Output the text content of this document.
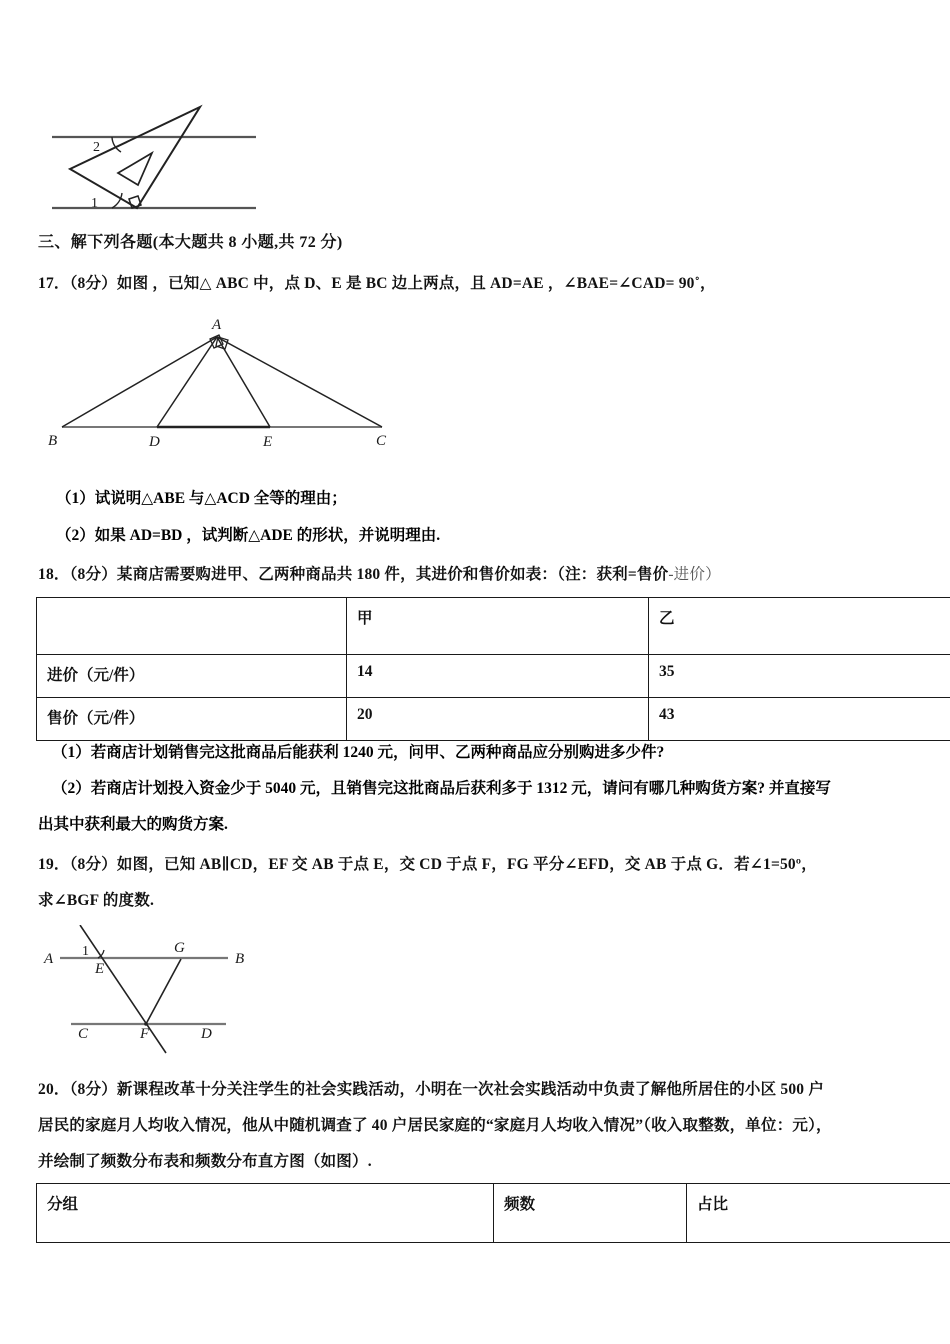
2
1
三、解下列各题(本大题共 8 小题,共 72 分)
17．（8分）如图 ，已知△ ABC 中，点 D、E 是 BC 边上两点，且 AD=AE ，∠BAE=∠CAD= 90˚，
A
B	D	E	C
（1）试说明△ABE 与△ACD 全等的理由；
（2）如果 AD=BD ，试判断△ADE 的形状，并说明理由.
18．（8分）某商店需要购进甲、乙两种商品共 180 件，其进价和售价如表：（注：获利=售价-进价）
	甲	乙
进价（元/件）	14	35
售价（元/件）	20	43
（1）若商店计划销售完这批商品后能获利 1240 元，问甲、乙两种商品应分别购进多少件?
（2）若商店计划投入资金少于 5040 元，且销售完这批商品后获利多于 1312 元，请问有哪几种购货方案? 并直接写
出其中获利最大的购货方案.
19．（8分）如图，已知 AB∥CD，EF 交 AB 于点 E，交 CD 于点 F，FG 平分∠EFD，交 AB 于点 G．若∠1=50º，
求∠BGF 的度数.
A	B
C	D
E
F
G
1
20．（8分）新课程改革十分关注学生的社会实践活动，小明在一次社会实践活动中负责了解他所居住的小区 500 户
居民的家庭月人均收入情况，他从中随机调查了 40 户居民家庭的“家庭月人均收入情况”（收入取整数，单位：元），
并绘制了频数分布表和频数分布直方图（如图）.
分组	频数	占比
